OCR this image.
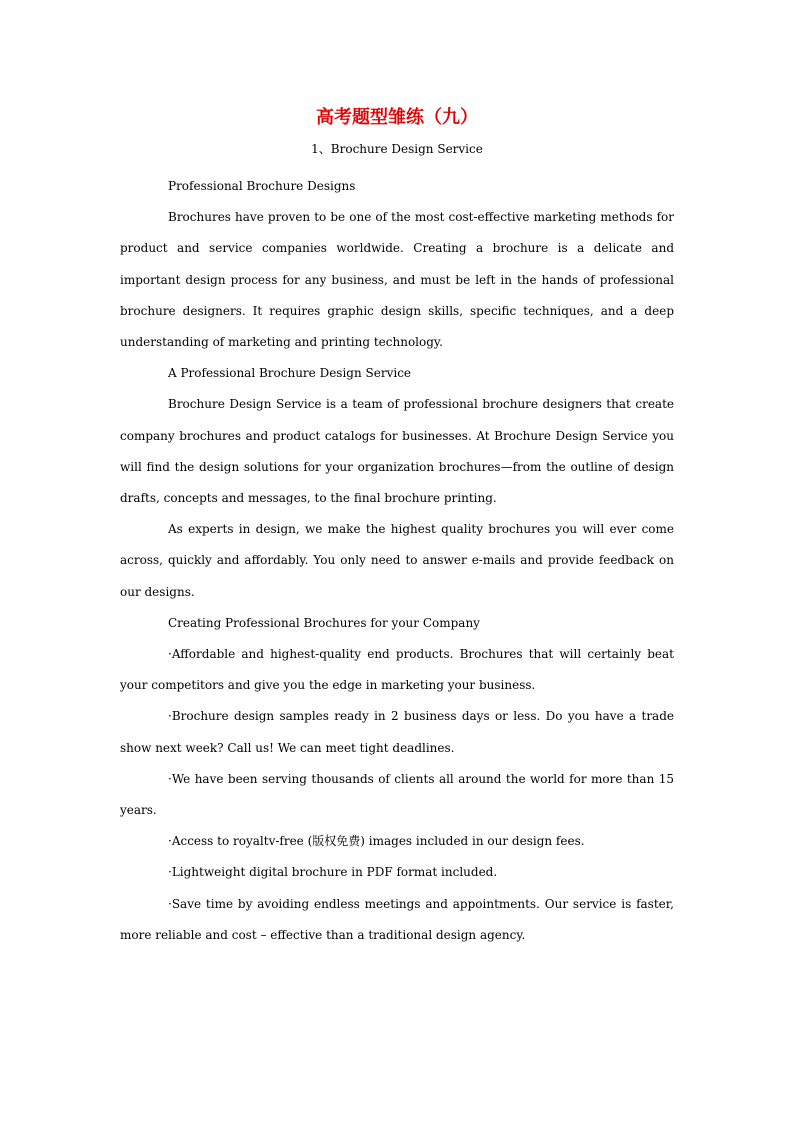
高考题型雏练（九）
1、Brochure Design Service

Professional Brochure Designs

Brochures have proven to be one of the most cost-effective marketing methods for product and service companies worldwide. Creating a brochure is a delicate and important design process for any business, and must be left in the hands of professional brochure designers. It requires graphic design skills, specific techniques, and a deep understanding of marketing and printing technology.

A Professional Brochure Design Service

Brochure Design Service is a team of professional brochure designers that create company brochures and product catalogs for businesses. At Brochure Design Service you will find the design solutions for your organization brochures—from the outline of design drafts, concepts and messages, to the final brochure printing.

As experts in design, we make the highest quality brochures you will ever come across, quickly and affordably. You only need to answer e-mails and provide feedback on our designs.

Creating Professional Brochures for your Company

·Affordable and highest-quality end products. Brochures that will certainly beat your competitors and give you the edge in marketing your business.

·Brochure design samples ready in 2 business days or less. Do you have a trade show next week? Call us! We can meet tight deadlines.

·We have been serving thousands of clients all around the world for more than 15 years.

·Access to royaltv-free (版权免费) images included in our design fees.

·Lightweight digital brochure in PDF format included.

·Save time by avoiding endless meetings and appointments. Our service is faster, more reliable and cost – effective than a traditional design agency.
